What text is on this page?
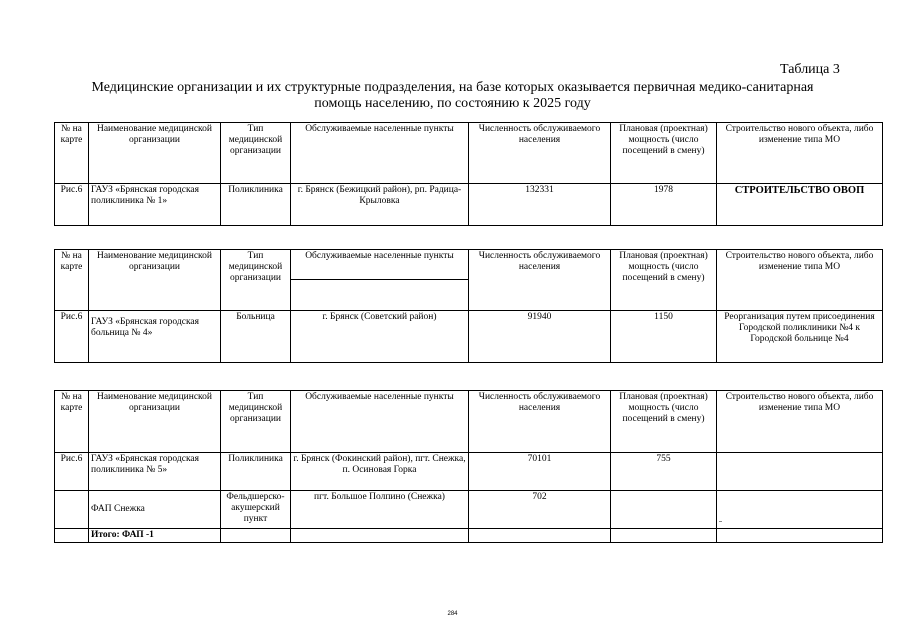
Таблица 3
Медицинские организации и их структурные подразделения, на базе которых оказывается первичная медико-санитарная
помощь населению, по состоянию к 2025 году
№ на карте	Наименование медицинской организации	Тип медицинской организации	Обслуживаемые населенные пункты	Численность обслуживаемого населения	Плановая (проектная) мощность (число посещений в смену)	Строительство нового объекта, либо изменение типа МО
Рис.6	ГАУЗ «Брянская городская поликлиника № 1»	Поликлиника	г. Брянск (Бежицкий район), рп. Радица-Крыловка	132331	1978	СТРОИТЕЛЬСТВО ОВОП
№ на карте	Наименование медицинской организации	Тип медицинской организации	Обслуживаемые населенные пункты	Численность обслуживаемого населения	Плановая (проектная) мощность (число посещений в смену)	Строительство нового объекта, либо изменение типа МО

Рис.6	ГАУЗ «Брянская городская больница № 4»	Больница	г. Брянск (Советский район)	91940	1150	Реорганизация путем присоединения Городской поликлиники №4 к Городской больнице №4
№ на карте	Наименование медицинской организации	Тип медицинской организации	Обслуживаемые населенные пункты	Численность обслуживаемого населения	Плановая (проектная) мощность (число посещений в смену)	Строительство нового объекта, либо изменение типа МО
Рис.6	ГАУЗ «Брянская городская поликлиника № 5»	Поликлиника	г. Брянск (Фокинский район), пгт. Снежка, п. Осиновая Горка	70101	755	
	ФАП Снежка	Фельдшерско-акушерский пункт	пгт. Большое Полпино (Снежка)	702		
	Итого: ФАП -1					
284
